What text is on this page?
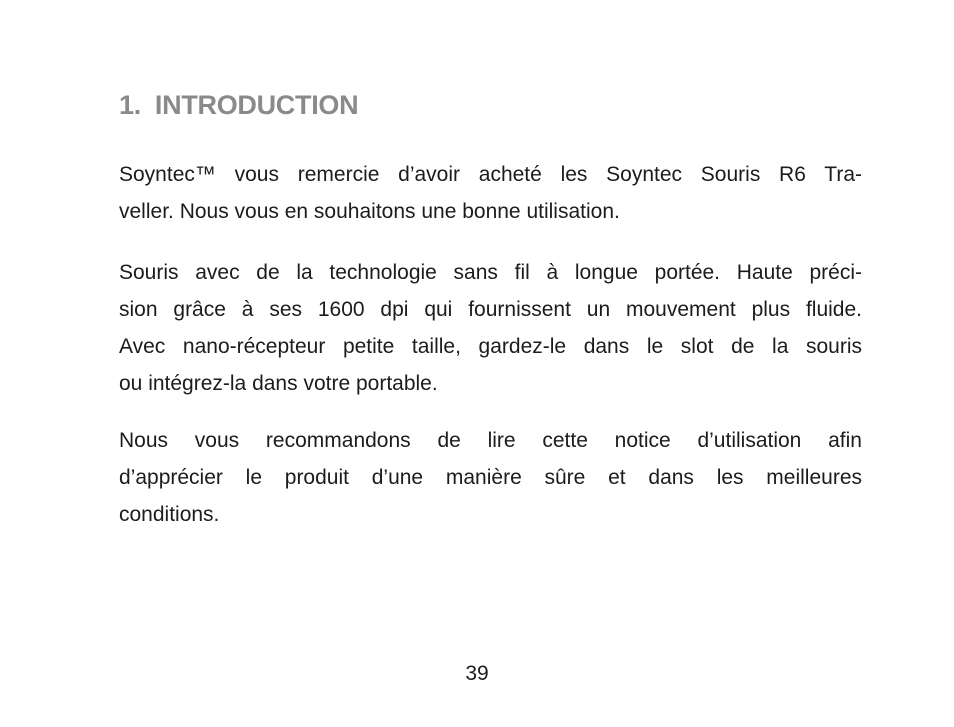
1. INTRODUCTION

Soyntec™ vous remercie d’avoir acheté les Soyntec Souris R6 Tra-
veller. Nous vous en souhaitons une bonne utilisation.

Souris avec de la technologie sans fil à longue portée. Haute préci-
sion grâce à ses 1600 dpi qui fournissent un mouvement plus fluide.
Avec nano-récepteur petite taille, gardez-le dans le slot de la souris
ou intégrez-la dans votre portable.

Nous vous recommandons de lire cette notice d’utilisation afin
d’apprécier le produit d’une manière sûre et dans les meilleures
conditions.

39
